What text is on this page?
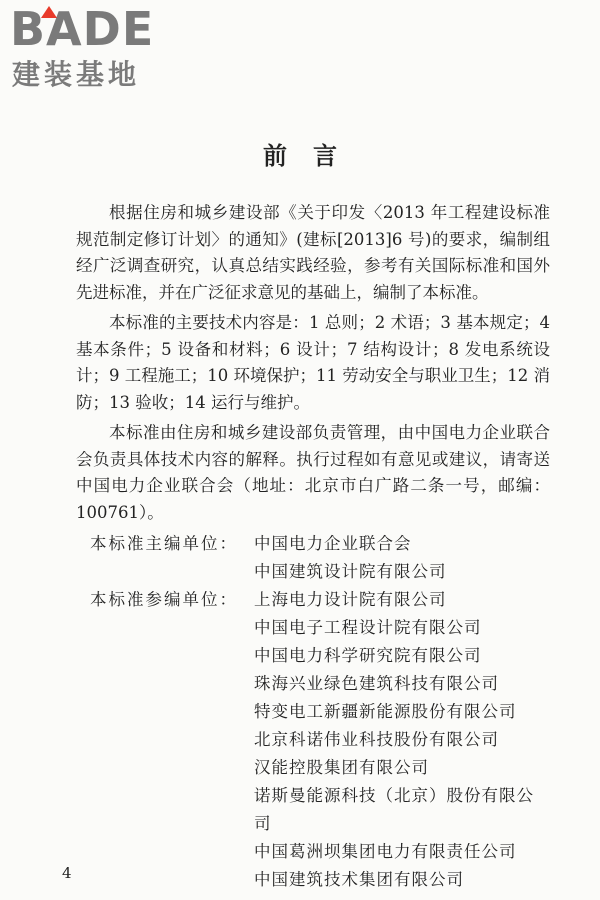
BADE
建装基地
前言

根据住房和城乡建设部《关于印发〈2013 年工程建设标准规范制定修订计划〉的通知》(建标[2013]6 号)的要求，编制组经广泛调查研究，认真总结实践经验，参考有关国际标准和国外先进标准，并在广泛征求意见的基础上，编制了本标准。

本标准的主要技术内容是：1 总则；2 术语；3 基本规定；4 基本条件；5 设备和材料；6 设计；7 结构设计；8 发电系统设计；9 工程施工；10 环境保护；11 劳动安全与职业卫生；12 消防；13 验收；14 运行与维护。

本标准由住房和城乡建设部负责管理，由中国电力企业联合会负责具体技术内容的解释。执行过程如有意见或建议，请寄送中国电力企业联合会（地址：北京市白广路二条一号，邮编：100761）。

本标准主编单位： 中国电力企业联合会
中国建筑设计院有限公司
本标准参编单位： 上海电力设计院有限公司
中国电子工程设计院有限公司
中国电力科学研究院有限公司
珠海兴业绿色建筑科技有限公司
特变电工新疆新能源股份有限公司
北京科诺伟业科技股份有限公司
汉能控股集团有限公司
诺斯曼能源科技（北京）股份有限公司
中国葛洲坝集团电力有限责任公司
中国建筑技术集团有限公司
4
